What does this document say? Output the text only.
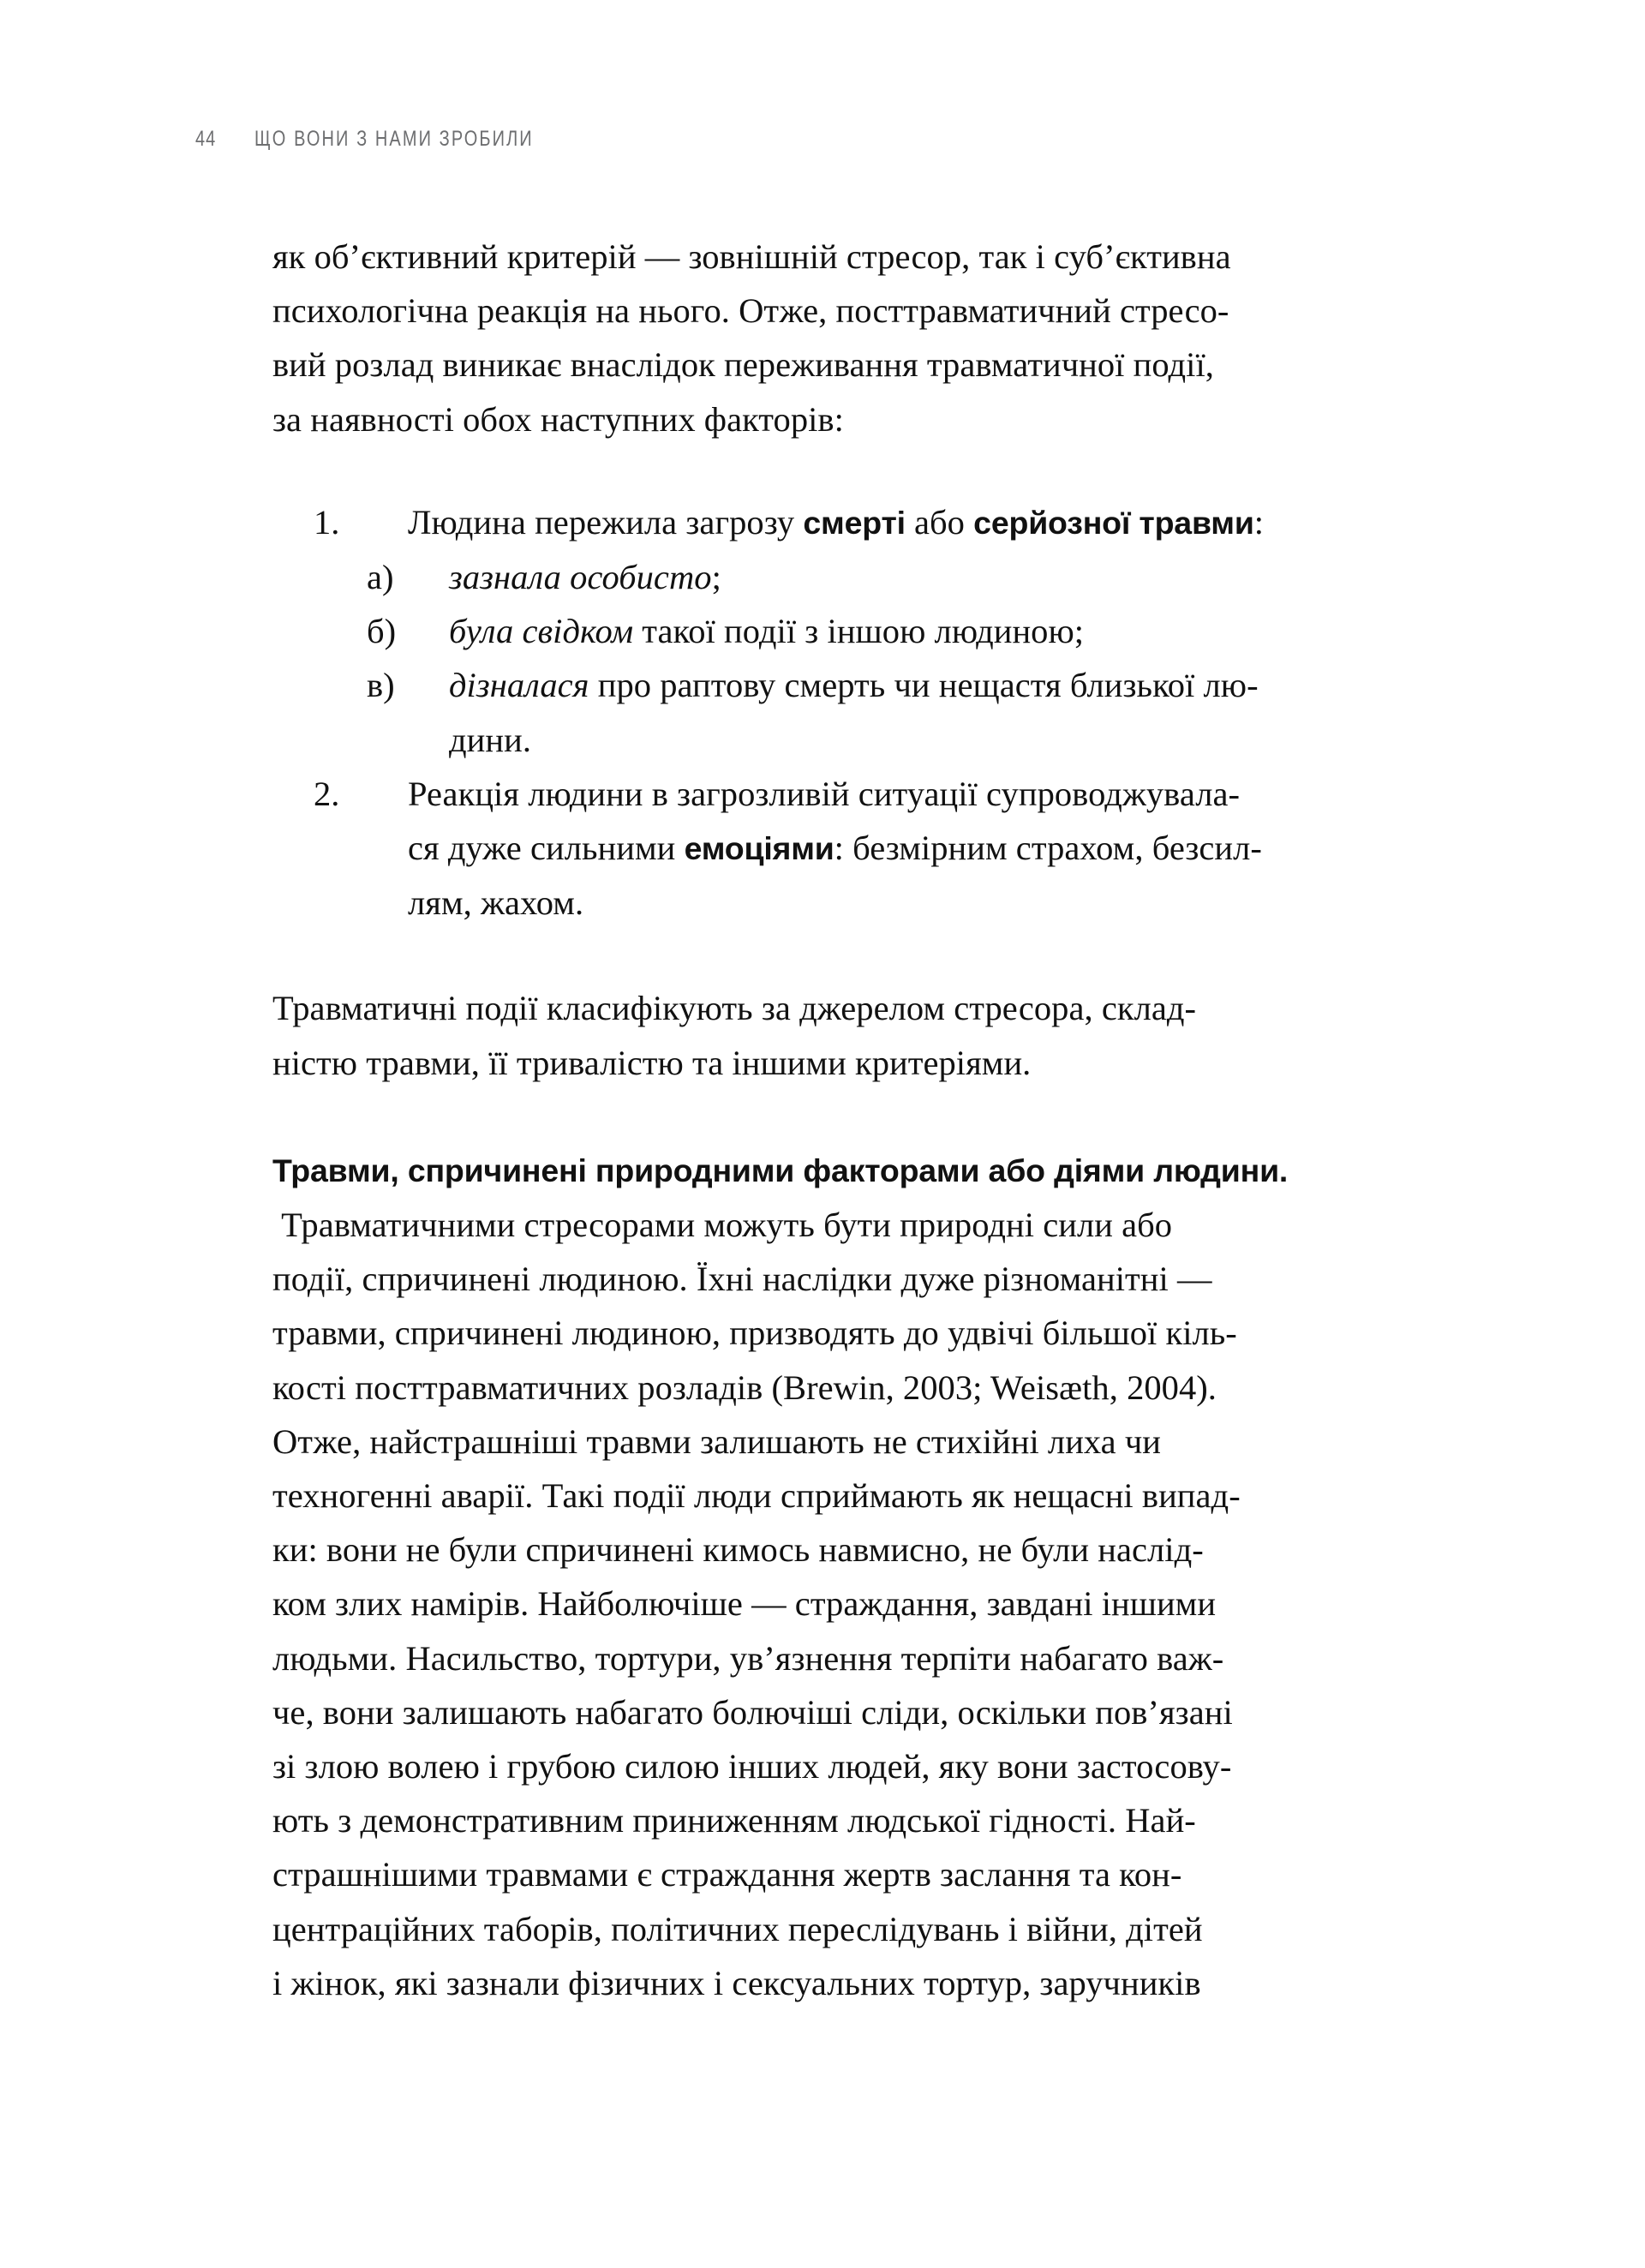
44 ЩО ВОНИ З НАМИ ЗРОБИЛИ

як об’єктивний критерій — зовнішній стресор, так і суб’єктивна
психологічна реакція на нього. Отже, посттравматичний стресо-
вий розлад виникає внаслідок переживання травматичної події,
за наявності обох наступних факторів:

1.	Людина пережила загрозу смерті або серйозної травми:
а)	зазнала особисто;
б)	була свідком такої події з іншою людиною;
в)	дізналася про раптову смерть чи нещастя близької лю-
дини.
2.	Реакція людини в загрозливій ситуації супроводжувала-
ся дуже сильними емоціями: безмірним страхом, безсил-
лям, жахом.

Травматичні події класифікують за джерелом стресора, склад-
ністю травми, її тривалістю та іншими критеріями.

Травми, спричинені природними факторами або діями людини.
Травматичними стресорами можуть бути природні сили або
події, спричинені людиною. Їхні наслідки дуже різноманітні —
травми, спричинені людиною, призводять до удвічі більшої кіль-
кості посттравматичних розладів (Brewin, 2003; Weisæth, 2004).
Отже, найстрашніші травми залишають не стихійні лиха чи
техногенні аварії. Такі події люди сприймають як нещасні випад-
ки: вони не були спричинені кимось навмисно, не були наслід-
ком злих намірів. Найболючіше — страждання, завдані іншими
людьми. Насильство, тортури, ув’язнення терпіти набагато важ-
че, вони залишають набагато болючіші сліди, оскільки пов’язані
зі злою волею і грубою силою інших людей, яку вони застосову-
ють з демонстративним приниженням людської гідності. Най-
страшнішими травмами є страждання жертв заслання та кон-
центраційних таборів, політичних переслідувань і війни, дітей
і жінок, які зазнали фізичних і сексуальних тортур, заручників
